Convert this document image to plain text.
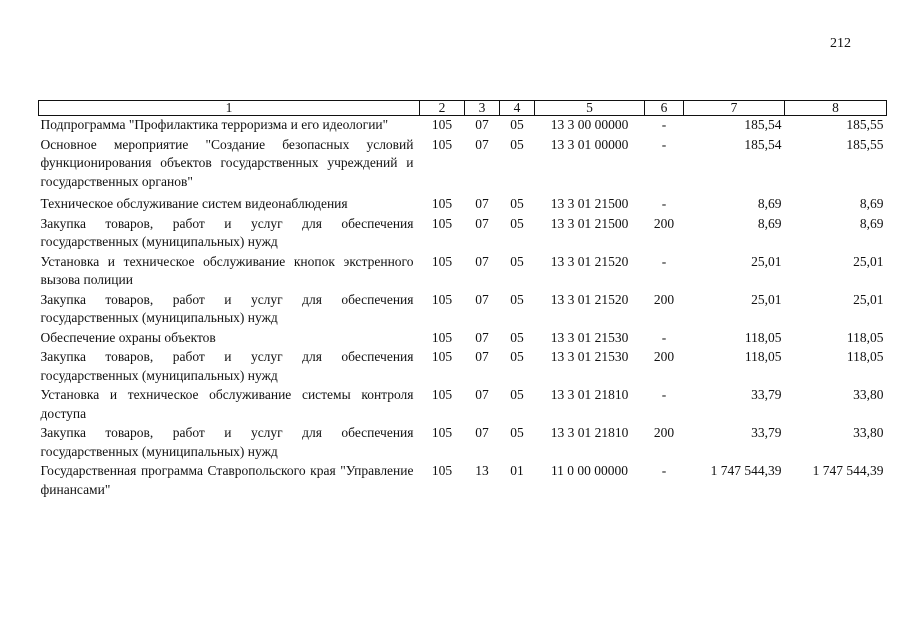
212
1	2	3	4	5	6	7	8
Подпрограмма "Профилактика терроризма и его идеологии"	105	07	05	13 3 00 00000	-	185,54	185,55
Основное мероприятие "Создание безопасных условий функционирования объектов государственных учреждений и государственных органов"	105	07	05	13 3 01 00000	-	185,54	185,55
Техническое обслуживание систем видеонаблюдения	105	07	05	13 3 01 21500	-	8,69	8,69
Закупка товаров, работ и услуг для обеспечения государственных (муниципальных) нужд	105	07	05	13 3 01 21500	200	8,69	8,69
Установка и техническое обслуживание кнопок экстренного вызова полиции	105	07	05	13 3 01 21520	-	25,01	25,01
Закупка товаров, работ и услуг для обеспечения государственных (муниципальных) нужд	105	07	05	13 3 01 21520	200	25,01	25,01
Обеспечение охраны объектов	105	07	05	13 3 01 21530	-	118,05	118,05
Закупка товаров, работ и услуг для обеспечения государственных (муниципальных) нужд	105	07	05	13 3 01 21530	200	118,05	118,05
Установка и техническое обслуживание системы контроля доступа	105	07	05	13 3 01 21810	-	33,79	33,80
Закупка товаров, работ и услуг для обеспечения государственных (муниципальных) нужд	105	07	05	13 3 01 21810	200	33,79	33,80
Государственная программа Ставропольского края "Управление финансами"	105	13	01	11 0 00 00000	-	1 747 544,39	1 747 544,39
